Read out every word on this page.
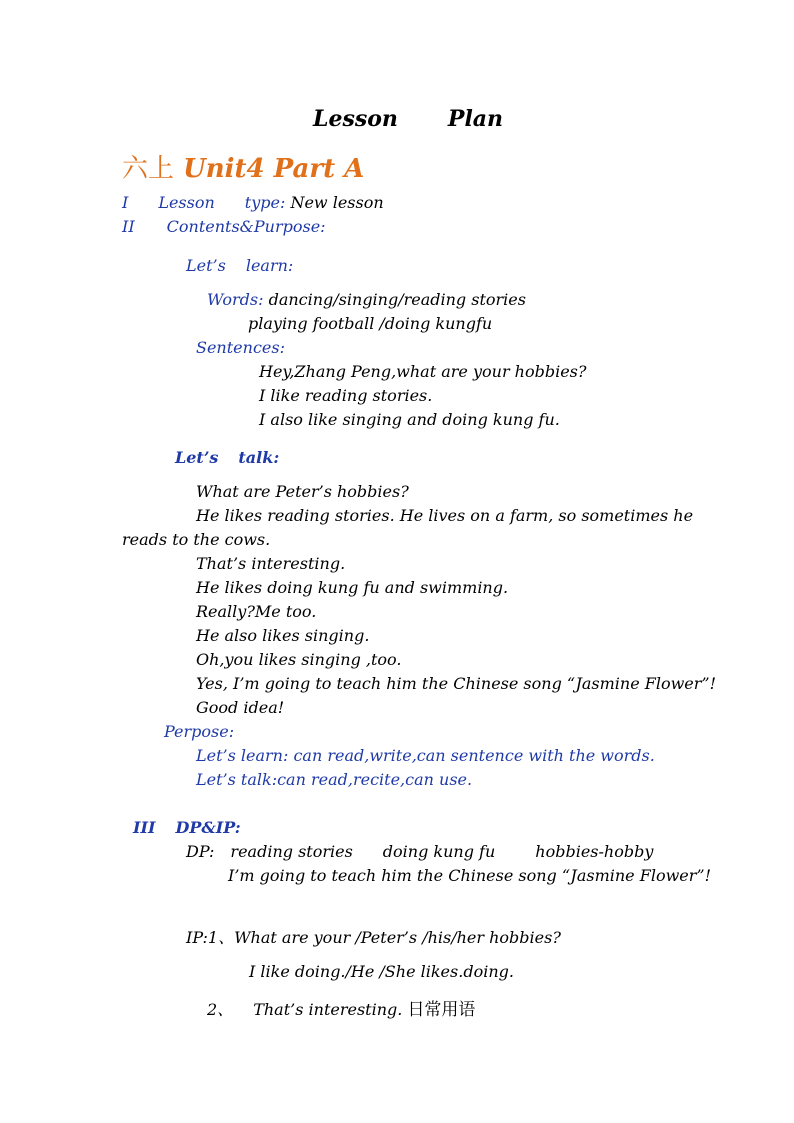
Lesson Plan
六上 Unit4 Part A
I Lesson type: New lesson
II Contents&Purpose:
Let’s learn:
Words: dancing/singing/reading stories
playing football /doing kungfu
Sentences:
Hey,Zhang Peng,what are your hobbies?
I like reading stories.
I also like singing and doing kung fu.
Let’s talk:
What are Peter’s hobbies?
He likes reading stories. He lives on a farm, so sometimes he
reads to the cows.
That’s interesting.
He likes doing kung fu and swimming.
Really?Me too.
He also likes singing.
Oh,you likes singing ,too.
Yes, I’m going to teach him the Chinese song “Jasmine Flower”!
Good idea!
Perpose:
Let’s learn: can read,write,can sentence with the words.
Let’s talk:can read,recite,can use.
III DP&IP:
DP: reading stories doing kung fu	hobbies-hobby
I’m going to teach him the Chinese song “Jasmine Flower”!
IP:1、What are your /Peter’s /his/her hobbies?
I like doing./He /She likes.doing.
2、 That’s interesting. 日常用语
